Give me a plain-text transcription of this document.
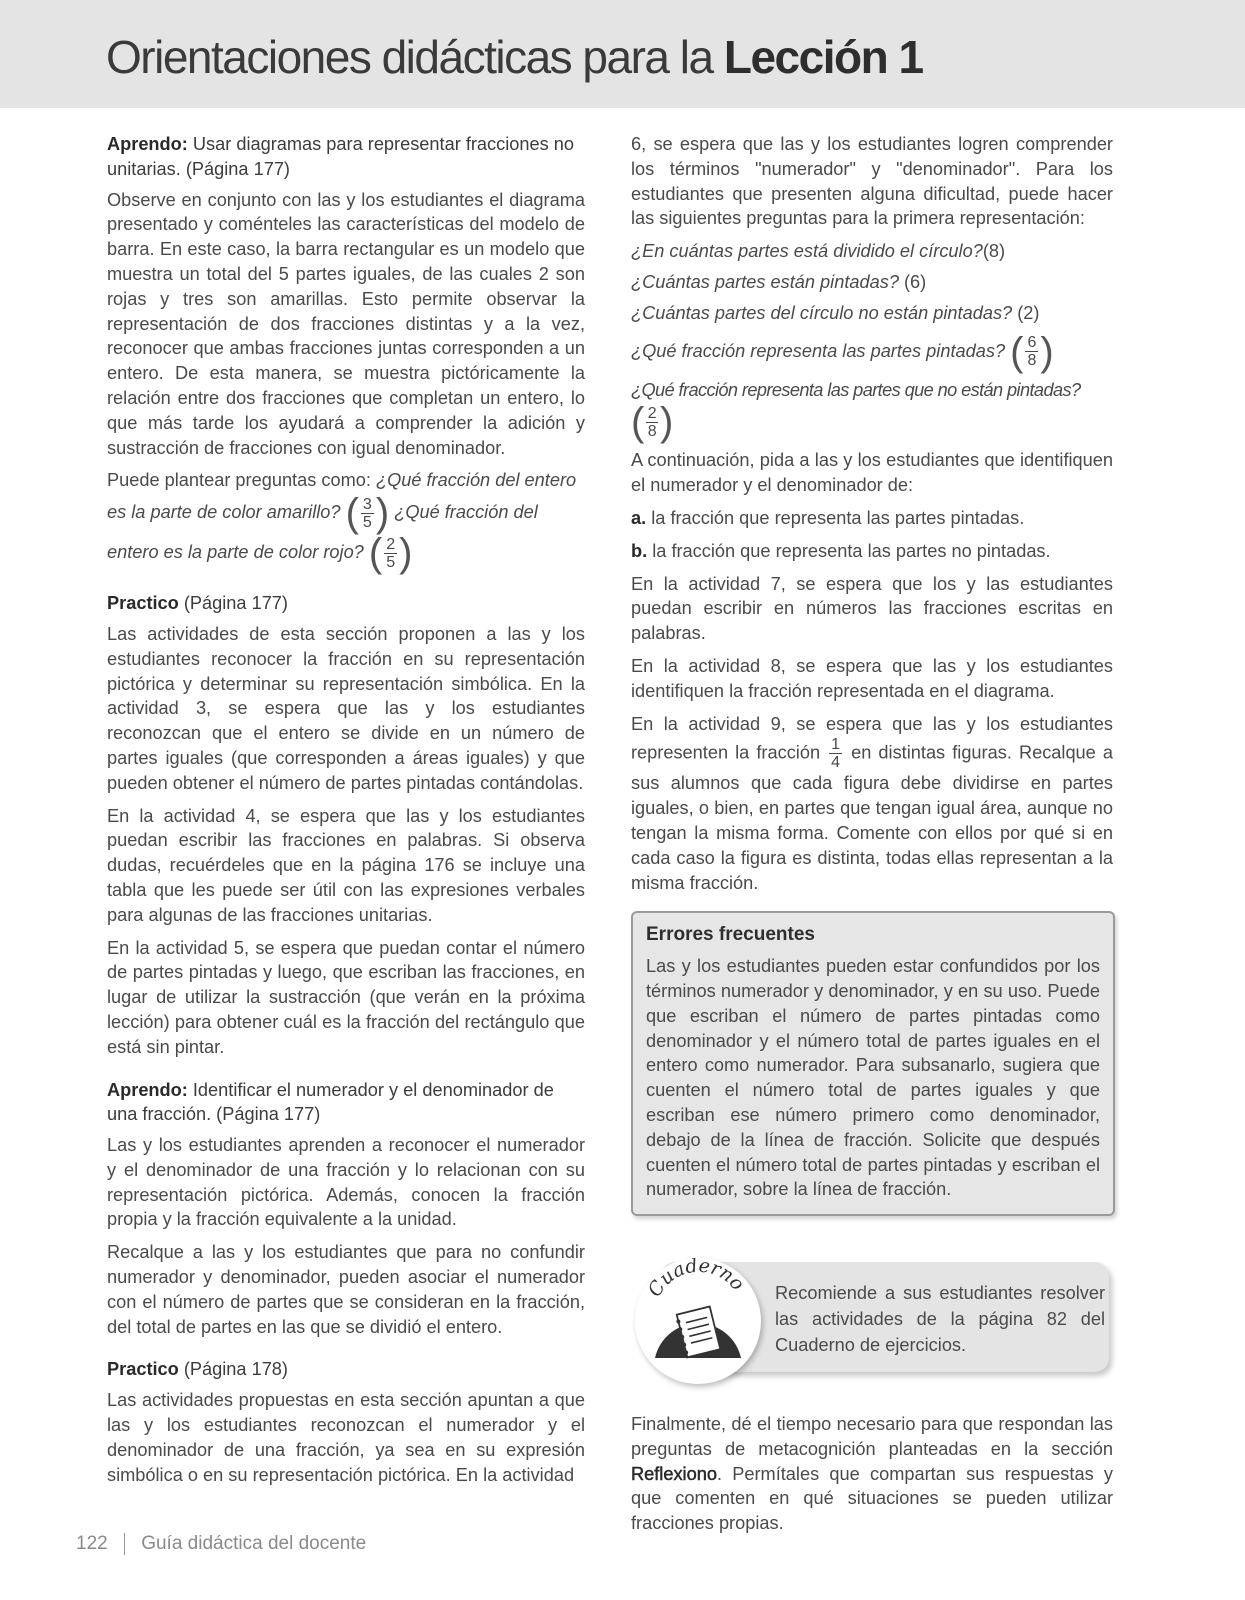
Orientaciones didácticas para la Lección 1

Aprendo: Usar diagramas para representar fracciones no unitarias. (Página 177)

Observe en conjunto con las y los estudiantes el diagrama presentado y coménteles las características del modelo de barra. En este caso, la barra rectangular es un modelo que muestra un total del 5 partes iguales, de las cuales 2 son rojas y tres son amarillas. Esto permite observar la representación de dos fracciones distintas y a la vez, reconocer que ambas fracciones juntas corresponden a un entero. De esta manera, se muestra pictóricamente la relación entre dos fracciones que completan un entero, lo que más tarde los ayudará a comprender la adición y sustracción de fracciones con igual denominador.

Puede plantear preguntas como: ¿Qué fracción del entero es la parte de color amarillo? ( $\frac{3}{5}$ ) ¿Qué fracción del entero es la parte de color rojo? ( $\frac{2}{5}$ )

Practico (Página 177)

Las actividades de esta sección proponen a las y los estudiantes reconocer la fracción en su representación pictórica y determinar su representación simbólica. En la actividad 3, se espera que las y los estudiantes reconozcan que el entero se divide en un número de partes iguales (que corresponden a áreas iguales) y que pueden obtener el número de partes pintadas contándolas.

En la actividad 4, se espera que las y los estudiantes puedan escribir las fracciones en palabras. Si observa dudas, recuérdeles que en la página 176 se incluye una tabla que les puede ser útil con las expresiones verbales para algunas de las fracciones unitarias.

En la actividad 5, se espera que puedan contar el número de partes pintadas y luego, que escriban las fracciones, en lugar de utilizar la sustracción (que verán en la próxima lección) para obtener cuál es la fracción del rectángulo que está sin pintar.

Aprendo: Identificar el numerador y el denominador de una fracción. (Página 177)

Las y los estudiantes aprenden a reconocer el numerador y el denominador de una fracción y lo relacionan con su representación pictórica. Además, conocen la fracción propia y la fracción equivalente a la unidad.

Recalque a las y los estudiantes que para no confundir numerador y denominador, pueden asociar el numerador con el número de partes que se consideran en la fracción, del total de partes en las que se dividió el entero.

Practico (Página 178)

Las actividades propuestas en esta sección apuntan a que las y los estudiantes reconozcan el numerador y el denominador de una fracción, ya sea en su expresión simbólica o en su representación pictórica. En la actividad

6, se espera que las y los estudiantes logren comprender los términos "numerador" y "denominador". Para los estudiantes que presenten alguna dificultad, puede hacer las siguientes preguntas para la primera representación:

¿En cuántas partes está dividido el círculo?(8)

¿Cuántas partes están pintadas? (6)

¿Cuántas partes del círculo no están pintadas? (2)

¿Qué fracción representa las partes pintadas? ( $\frac{6}{8}$ )

¿Qué fracción representa las partes que no están pintadas?
( $\frac{2}{8}$ )

A continuación, pida a las y los estudiantes que identifiquen el numerador y el denominador de:

a. la fracción que representa las partes pintadas.

b. la fracción que representa las partes no pintadas.

En la actividad 7, se espera que los y las estudiantes puedan escribir en números las fracciones escritas en palabras.

En la actividad 8, se espera que las y los estudiantes identifiquen la fracción representada en el diagrama.

En la actividad 9, se espera que las y los estudiantes representen la fracción $\frac{1}{4}$ en distintas figuras. Recalque a sus alumnos que cada figura debe dividirse en partes iguales, o bien, en partes que tengan igual área, aunque no tengan la misma forma. Comente con ellos por qué si en cada caso la figura es distinta, todas ellas representan a la misma fracción.

Errores frecuentes

Las y los estudiantes pueden estar confundidos por los términos numerador y denominador, y en su uso. Puede que escriban el número de partes pintadas como denominador y el número total de partes iguales en el entero como numerador. Para subsanarlo, sugiera que cuenten el número total de partes iguales y que escriban ese número primero como denominador, debajo de la línea de fracción. Solicite que después cuenten el número total de partes pintadas y escriban el numerador, sobre la línea de fracción.

Cuaderno Recomiende a sus estudiantes resolver las actividades de la página 82 del Cuaderno de ejercicios.

Finalmente, dé el tiempo necesario para que respondan las preguntas de metacognición planteadas en la sección Reflexiono. Permítales que compartan sus respuestas y que comenten en qué situaciones se pueden utilizar fracciones propias.

122 Guía didáctica del docente
